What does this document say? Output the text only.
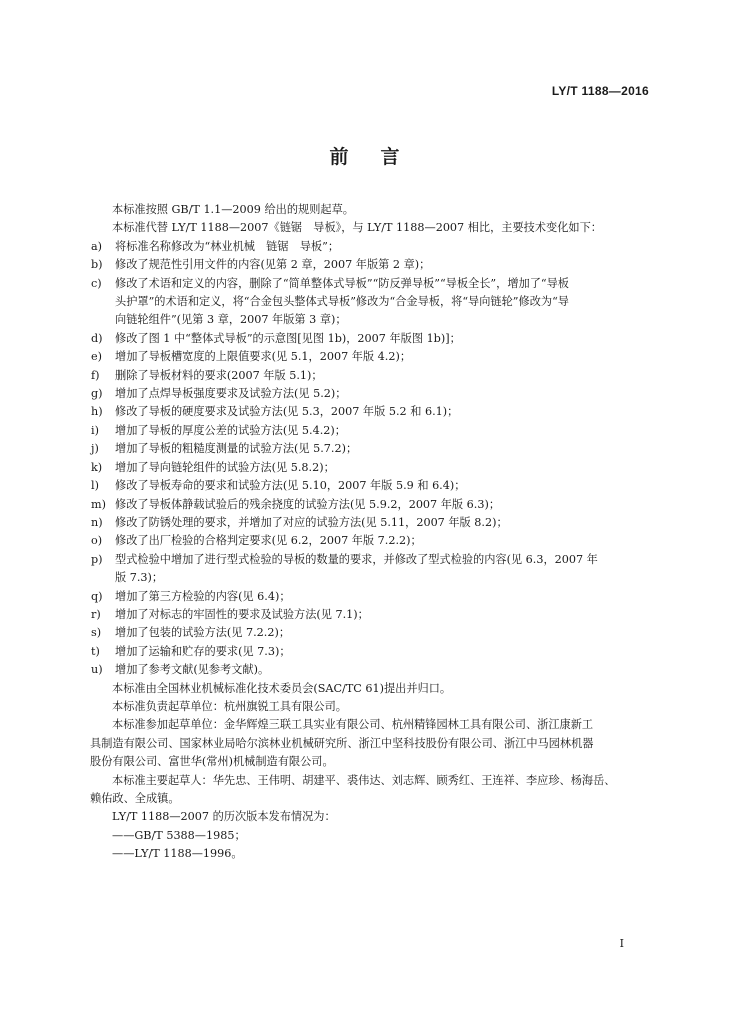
LY/T 1188—2016
前言

本标准按照 GB/T 1.1—2009 给出的规则起草。

本标准代替 LY/T 1188—2007《链锯　导板》，与 LY/T 1188—2007 相比，主要技术变化如下：

a)	将标准名称修改为“林业机械　链锯　导板”；
b)	修改了规范性引用文件的内容(见第 2 章，2007 年版第 2 章)；
c)	修改了术语和定义的内容，删除了“简单整体式导板”“防反弹导板”“导板全长”，增加了“导板

头护罩”的术语和定义，将“合金包头整体式导板”修改为“合金导板，将“导向链轮”修改为“导

向链轮组件”(见第 3 章，2007 年版第 3 章)；

d)	修改了图 1 中“整体式导板”的示意图[见图 1b)，2007 年版图 1b)]；
e)	增加了导板槽宽度的上限值要求(见 5.1，2007 年版 4.2)；
f)	删除了导板材料的要求(2007 年版 5.1)；
g)	增加了点焊导板强度要求及试验方法(见 5.2)；
h)	修改了导板的硬度要求及试验方法(见 5.3，2007 年版 5.2 和 6.1)；
i)	增加了导板的厚度公差的试验方法(见 5.4.2)；
j)	增加了导板的粗糙度测量的试验方法(见 5.7.2)；
k)	增加了导向链轮组件的试验方法(见 5.8.2)；
l)	修改了导板寿命的要求和试验方法(见 5.10，2007 年版 5.9 和 6.4)；
m) 修改了导板体静载试验后的残余挠度的试验方法(见 5.9.2，2007 年版 6.3)；
n)	修改了防锈处理的要求，并增加了对应的试验方法(见 5.11，2007 年版 8.2)；
o)	修改了出厂检验的合格判定要求(见 6.2，2007 年版 7.2.2)；
p)	型式检验中增加了进行型式检验的导板的数量的要求，并修改了型式检验的内容(见 6.3，2007 年

版 7.3)；

q)	增加了第三方检验的内容(见 6.4)；
r)	增加了对标志的牢固性的要求及试验方法(见 7.1)；
s)	增加了包装的试验方法(见 7.2.2)；
t)	增加了运输和贮存的要求(见 7.3)；
u)	增加了参考文献(见参考文献)。

本标准由全国林业机械标准化技术委员会(SAC/TC 61)提出并归口。

本标准负责起草单位：杭州旗锐工具有限公司。

本标准参加起草单位：金华辉煌三联工具实业有限公司、杭州精锋园林工具有限公司、浙江康新工

具制造有限公司、国家林业局哈尔滨林业机械研究所、浙江中坚科技股份有限公司、浙江中马园林机器

股份有限公司、富世华(常州)机械制造有限公司。

本标准主要起草人：华先忠、王伟明、胡建平、裘伟达、刘志辉、顾秀红、王连祥、李应珍、杨海岳、

赖佑政、全成镇。

LY/T 1188—2007 的历次版本发布情况为：

——GB/T 5388—1985；

——LY/T 1188—1996。

I
